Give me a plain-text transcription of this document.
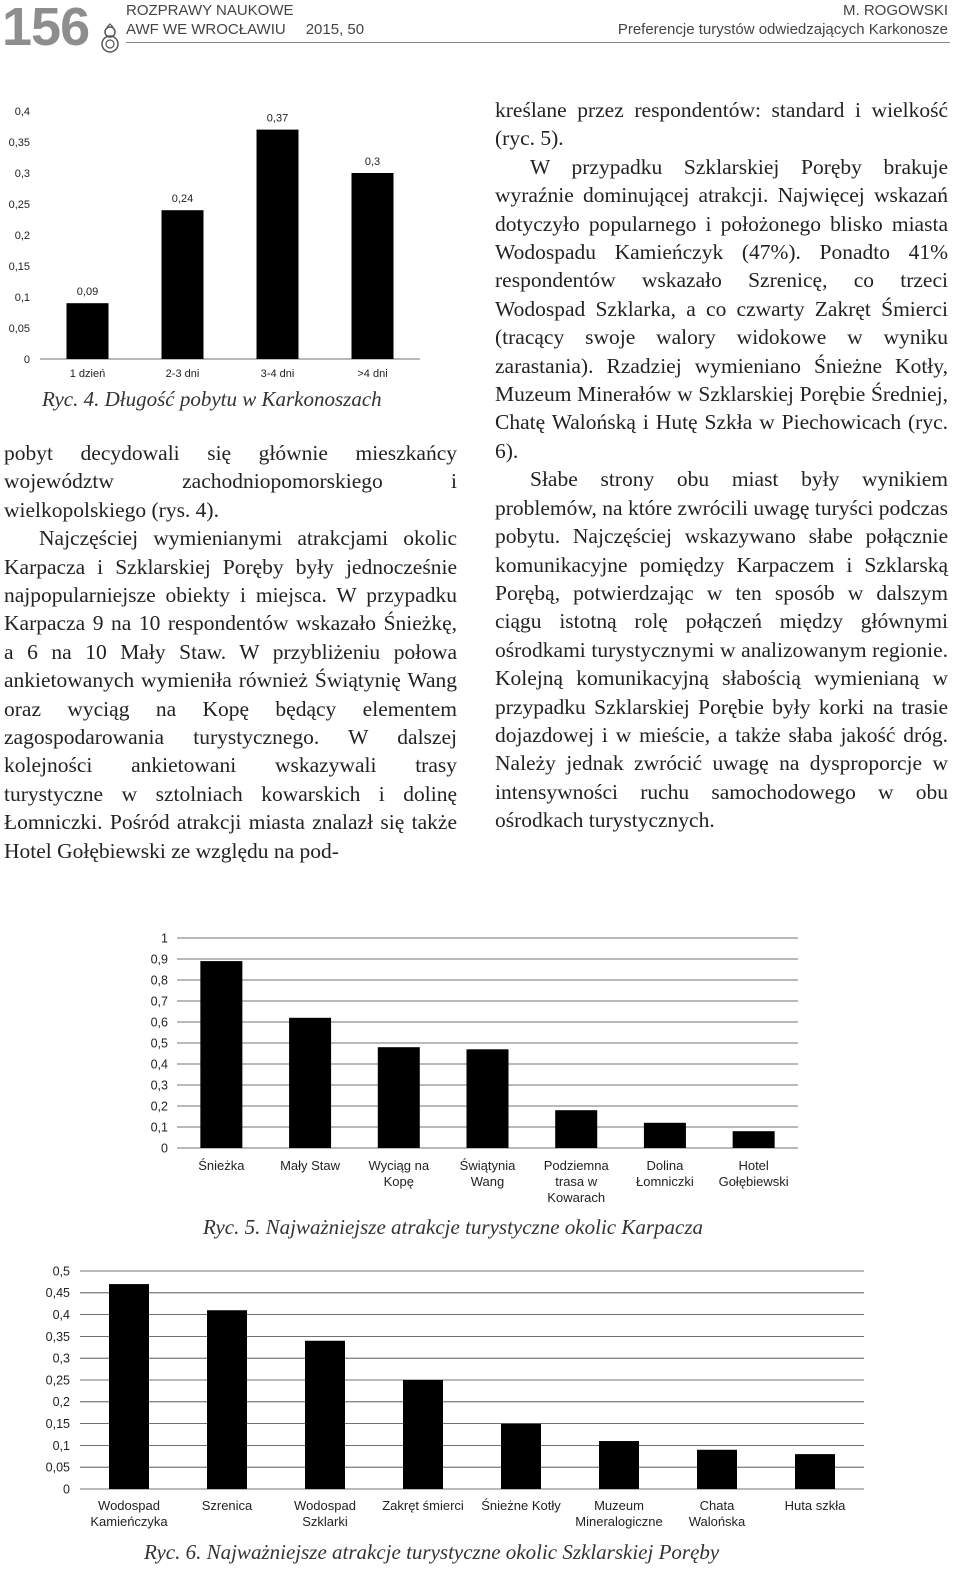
156 ROZPRAWY NAUKOWE
AWF WE WROCŁAWIU 2015, 50
M. ROGOWSKI
Preferencje turystów odwiedzających Karkonosze
0
0,05
0,1
0,15
0,2
0,25
0,3
0,35
0,4
0,09
1 dzień
0,24
2-3 dni
0,37
3-4 dni
0,3
>4 dni
Ryc. 4. Długość pobytu w Karkonoszach

pobyt decydowali się głównie mieszkańcy województw zachodniopomorskiego i wielkopolskiego (rys. 4).

Najczęściej wymienianymi atrakcjami okolic Karpacza i Szklarskiej Poręby były jednocześnie najpopularniejsze obiekty i miejsca. W przypadku Karpacza 9 na 10 respondentów wskazało Śnieżkę, a 6 na 10 Mały Staw. W przybliżeniu połowa ankietowanych wymieniła również Świątynię Wang oraz wyciąg na Kopę będący elementem zagospodarowania turystycznego. W dalszej kolejności ankietowani wskazywali trasy turystyczne w sztolniach kowarskich i dolinę Łomniczki. Pośród atrakcji miasta znalazł się także Hotel Gołębiewski ze względu na pod-

kreślane przez respondentów: standard i wielkość (ryc. 5).

W przypadku Szklarskiej Poręby brakuje wyraźnie dominującej atrakcji. Najwięcej wskazań dotyczyło popularnego i położonego blisko miasta Wodospadu Kamieńczyk (47%). Ponadto 41% respondentów wskazało Szrenicę, co trzeci Wodospad Szklarka, a co czwarty Zakręt Śmierci (tracący swoje walory widokowe w wyniku zarastania). Rzadziej wymieniano Śnieżne Kotły, Muzeum Minerałów w Szklarskiej Porębie Średniej, Chatę Walońską i Hutę Szkła w Piechowicach (ryc. 6).

Słabe strony obu miast były wynikiem problemów, na które zwrócili uwagę turyści podczas pobytu. Najczęściej wskazywano słabe połącznie komunikacyjne pomiędzy Karpaczem i Szklarską Porębą, potwierdzając w ten sposób w dalszym ciągu istotną rolę połączeń między głównymi ośrodkami turystycznymi w analizowanym regionie. Kolejną komunikacyjną słabością wymienianą w przypadku Szklarskiej Porębie były korki na trasie dojazdowej i w mieście, a także słaba jakość dróg. Należy jednak zwrócić uwagę na dysproporcje w intensywności ruchu samochodowego w obu ośrodkach turystycznych.

0
0,1
0,2
0,3
0,4
0,5
0,6
0,7
0,8
0,9
1
Śnieżka	Mały Staw Wyciąg na
Kopę
Świątynia
Wang
Podziemna
trasa w
Kowarach
Dolina
Łomniczki
Hotel
Gołębiewski
Ryc. 5. Najważniejsze atrakcje turystyczne okolic Karpacza
0
0,05
0,1
0,15
0,2
0,25
0,3
0,35
0,4
0,45
0,5
Wodospad
Kamieńczyka
Szrenica	Wodospad
Szklarki
Zakręt śmierci Śnieżne Kotły	Muzeum
Mineralogiczne
Chata
Walońska
Huta szkła
Ryc. 6. Najważniejsze atrakcje turystyczne okolic Szklarskiej Poręby
